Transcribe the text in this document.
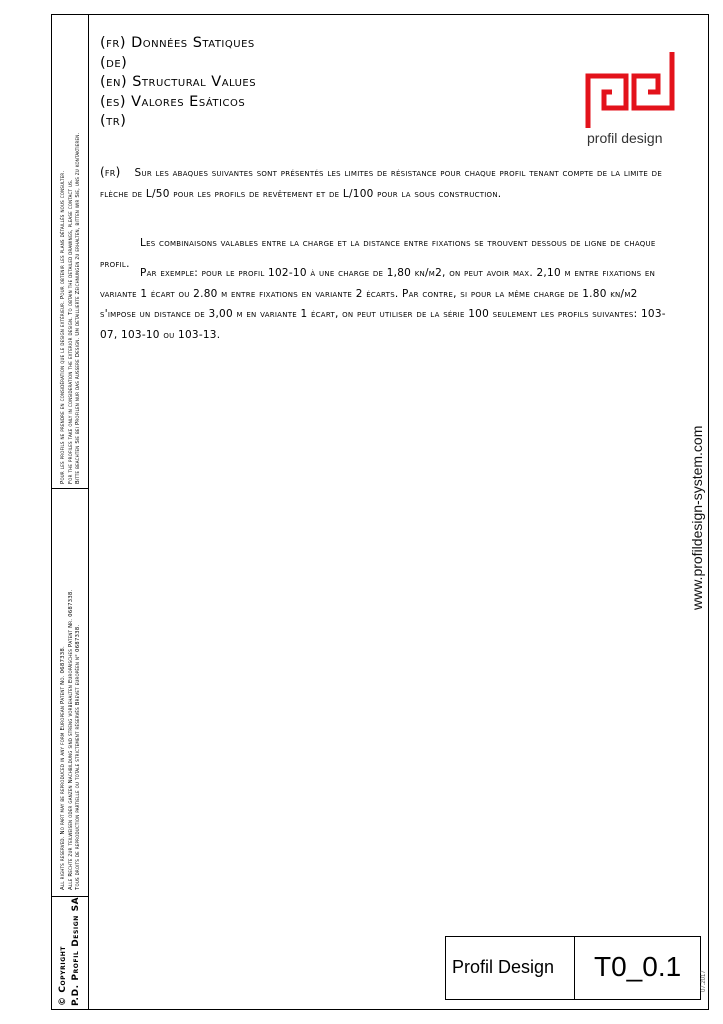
© Copyright P.D. Profil Design SA
All rights reserved. No part may be reproduced in any form European Patent No. 0687338. Alle Rechte zur teilweisen oder ganzen Nachbildung sind streng vorbehalten Europäisches Patent Nr. 0687338. Tous droits de reproduction partielle ou totale strictement réservés Brevet européen n° 0687338.
Pour les profils ne prendre en considération que le design extérieur. Pour obtenir les plans détaillés nous consulter. For the profiles take only in consideration the exterior design. To obtain the detailed drawings, please contact us. Bitte beachten Sie bei Profilen nur das äussere Design. Um detaillierte Zeichnungen zu erhalten, bitten wir Sie, uns zu kontaktieren.
(fr) Données Statiques
(de)
(en) Structural Values
(es) Valores Esáticos
(tr)
profil design
(fr) Sur les abaques suivantes sont présentés les limites de résistance pour chaque profil tenant compte de la limite de flèche de L/50 pour les profils de revêtement et de L/100 pour la sous construction.
Les combinaisons valables entre la charge et la distance entre fixations se trouvent dessous de ligne de chaque profil.
Par exemple: pour le profil 102-10 à une charge de 1,80 kn/m2, on peut avoir max. 2,10 m entre fixations en variante 1 écart ou 2.80 m entre fixations en variante 2 écarts. Par contre, si pour la même charge de 1.80 kn/m2 s'impose un distance de 3,00 m en variante 1 écart, on peut utiliser de la série 100 seulement les profils suivantes: 103-07, 103-10 ou 103-13.
www.profildesign-system.com
Profil Design T0_0.1	07.2017
